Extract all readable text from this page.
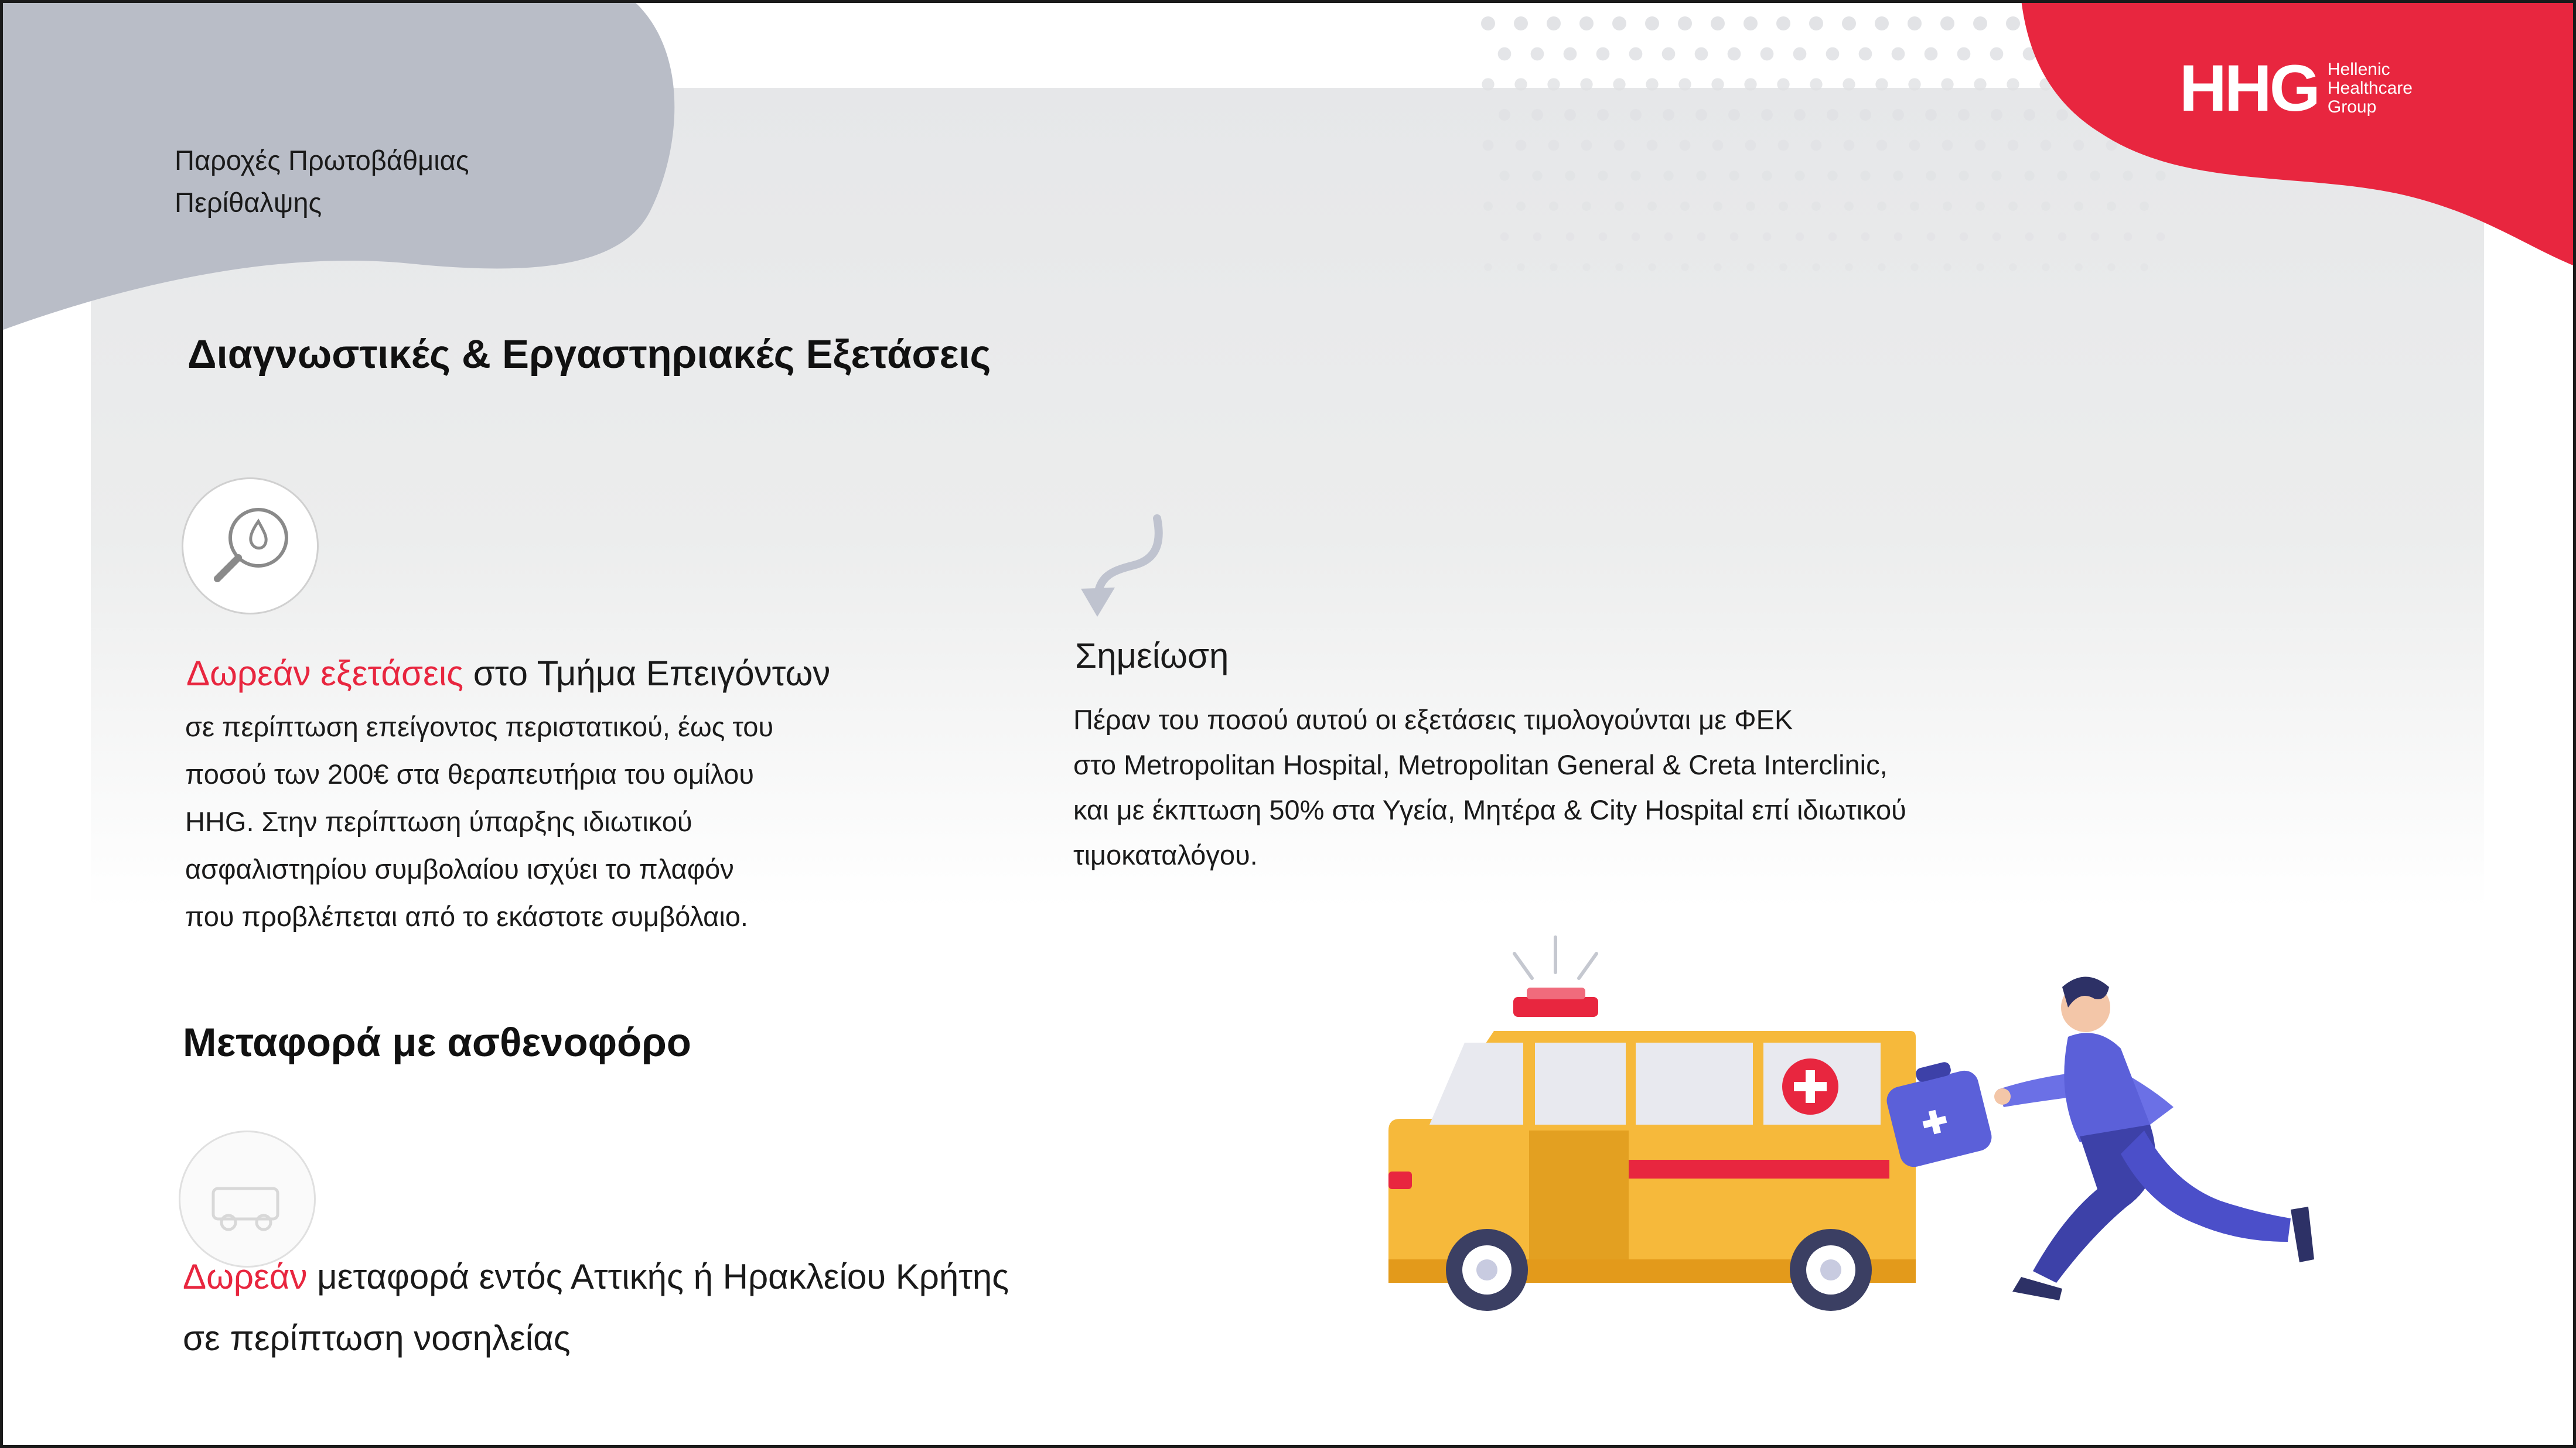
HHG Hellenic
Healthcare
Group
Παροχές Πρωτοβάθμιας
Περίθαλψης
Διαγνωστικές & Εργαστηριακές Εξετάσεις
Δωρεάν εξετάσεις στο Τμήμα Επειγόντων
σε περίπτωση επείγοντος περιστατικού, έως του
ποσού των 200€ στα θεραπευτήρια του ομίλου
HHG. Στην περίπτωση ύπαρξης ιδιωτικού
ασφαλιστηρίου συμβολαίου ισχύει το πλαφόν
που προβλέπεται από το εκάστοτε συμβόλαιο.
Σημείωση
Πέραν του ποσού αυτού οι εξετάσεις τιμολογούνται με ΦΕΚ
στο Metropolitan Hospital, Metropolitan General & Creta Interclinic,
και με έκπτωση 50% στα Υγεία, Μητέρα & City Hospital επί ιδιωτικού
τιμοκαταλόγου.
Μεταφορά με ασθενοφόρο
Δωρεάν μεταφορά εντός Αττικής ή Ηρακλείου Κρήτης
σε περίπτωση νοσηλείας
